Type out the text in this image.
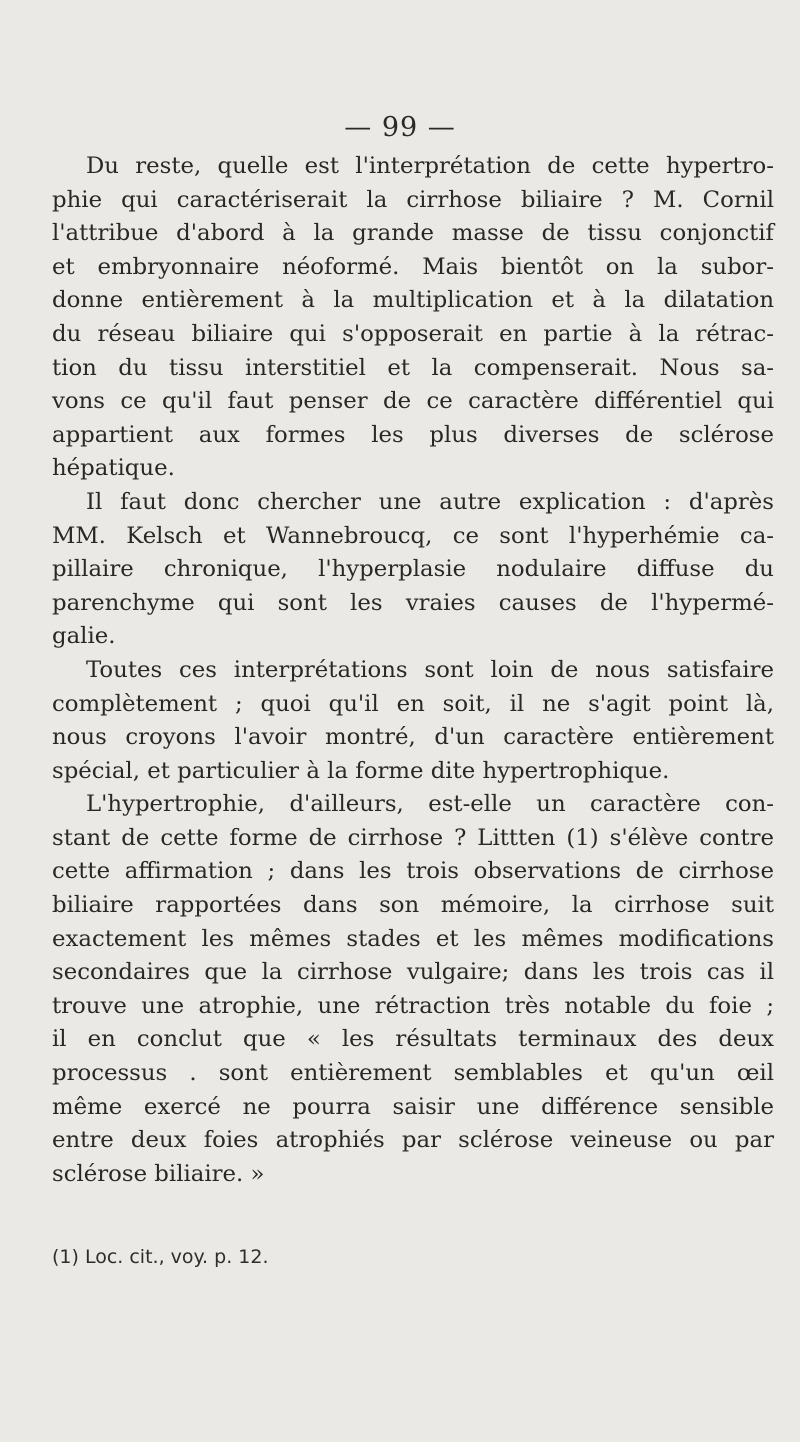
— 99 —
Du reste, quelle est l'interprétation de cette hypertro-
phie qui caractériserait la cirrhose biliaire ? M. Cornil
l'attribue d'abord à la grande masse de tissu conjonctif
et embryonnaire néoformé. Mais bientôt on la subor-
donne entièrement à la multiplication et à la dilatation
du réseau biliaire qui s'opposerait en partie à la rétrac-
tion du tissu interstitiel et la compenserait. Nous sa-
vons ce qu'il faut penser de ce caractère différentiel qui
appartient aux formes les plus diverses de sclérose
hépatique.
Il faut donc chercher une autre explication : d'après
MM. Kelsch et Wannebroucq, ce sont l'hyperhémie ca-
pillaire chronique, l'hyperplasie nodulaire diffuse du
parenchyme qui sont les vraies causes de l'hypermé-
galie.
Toutes ces interprétations sont loin de nous satisfaire
complètement ; quoi qu'il en soit, il ne s'agit point là,
nous croyons l'avoir montré, d'un caractère entièrement
spécial, et particulier à la forme dite hypertrophique.
L'hypertrophie, d'ailleurs, est-elle un caractère con-
stant de cette forme de cirrhose ? Littten (1) s'élève contre
cette affirmation ; dans les trois observations de cirrhose
biliaire rapportées dans son mémoire, la cirrhose suit
exactement les mêmes stades et les mêmes modifications
secondaires que la cirrhose vulgaire; dans les trois cas il
trouve une atrophie, une rétraction très notable du foie ;
il en conclut que « les résultats terminaux des deux
processus . sont entièrement semblables et qu'un œil
même exercé ne pourra saisir une différence sensible
entre deux foies atrophiés par sclérose veineuse ou par
sclérose biliaire. »
(1) Loc. cit., voy. p. 12.
